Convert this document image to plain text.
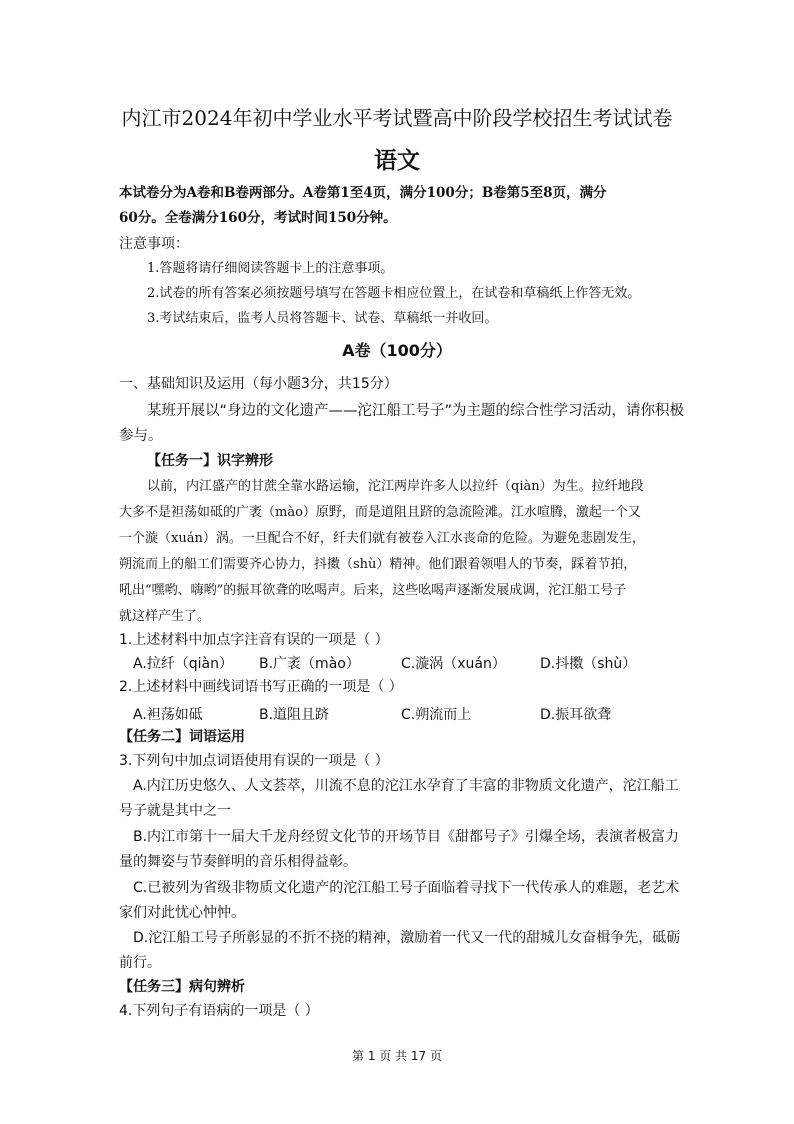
内江市2024年初中学业水平考试暨高中阶段学校招生考试试卷
语文
本试卷分为A卷和B卷两部分。A卷第1至4页，满分100分；B卷第5至8页，满分
60分。全卷满分160分，考试时间150分钟。
注意事项：
1.答题将请仔细阅读答题卡上的注意事项。
2.试卷的所有答案必须按题号填写在答题卡相应位置上，在试卷和草稿纸上作答无效。
3.考试结束后，监考人员将答题卡、试卷、草稿纸一并收回。
A卷（100分）
一、基础知识及运用（每小题3分，共15分）
某班开展以“身边的文化遗产——沱江船工号子”为主题的综合性学习活动，请你积极
参与。
【任务一】识字辨形
以前，内江盛产的甘蔗全靠水路运输，沱江两岸许多人以拉纤（qiàn）为生。拉纤地段
大多不是袒荡如砥的广袤（mào）原野，而是道阻且跻的急流险滩。江水喧腾，激起一个又
一个漩（xuán）涡。一旦配合不好，纤夫们就有被卷入江水丧命的危险。为避免悲剧发生，
朔流而上的船工们需要齐心协力，抖擞（shù）精神。他们跟着领唱人的节奏，踩着节拍，
吼出“嘿哟、嗨哟”的振耳欲聋的吆喝声。后来，这些吆喝声逐渐发展成调，沱江船工号子
就这样产生了。
1.上述材料中加点字注音有误的一项是（ ）
A.拉纤（qiàn） B.广袤（mào）	C.漩涡（xuán） D.抖擞（shù）
2.上述材料中画线词语书写正确的一项是（ ）
A.袒荡如砥	B.道阻且跻	C.朔流而上	D.振耳欲聋
【任务二】词语运用
3.下列句中加点词语使用有误的一项是（ ）
A.内江历史悠久、人文荟萃，川流不息的沱江水孕育了丰富的非物质文化遗产，沱江船工
号子就是其中之一
B.内江市第十一届大千龙舟经贸文化节的开场节目《甜都号子》引爆全场，表演者极富力
量的舞姿与节奏鲜明的音乐相得益彰。
C.已被列为省级非物质文化遗产的沱江船工号子面临着寻找下一代传承人的难题，老艺术
家们对此忧心忡忡。
D.沱江船工号子所彰显的不折不挠的精神，激励着一代又一代的甜城儿女奋楫争先，砥砺
前行。
【任务三】病句辨析
4.下列句子有语病的一项是（ ）
第 1 页 共 17 页
